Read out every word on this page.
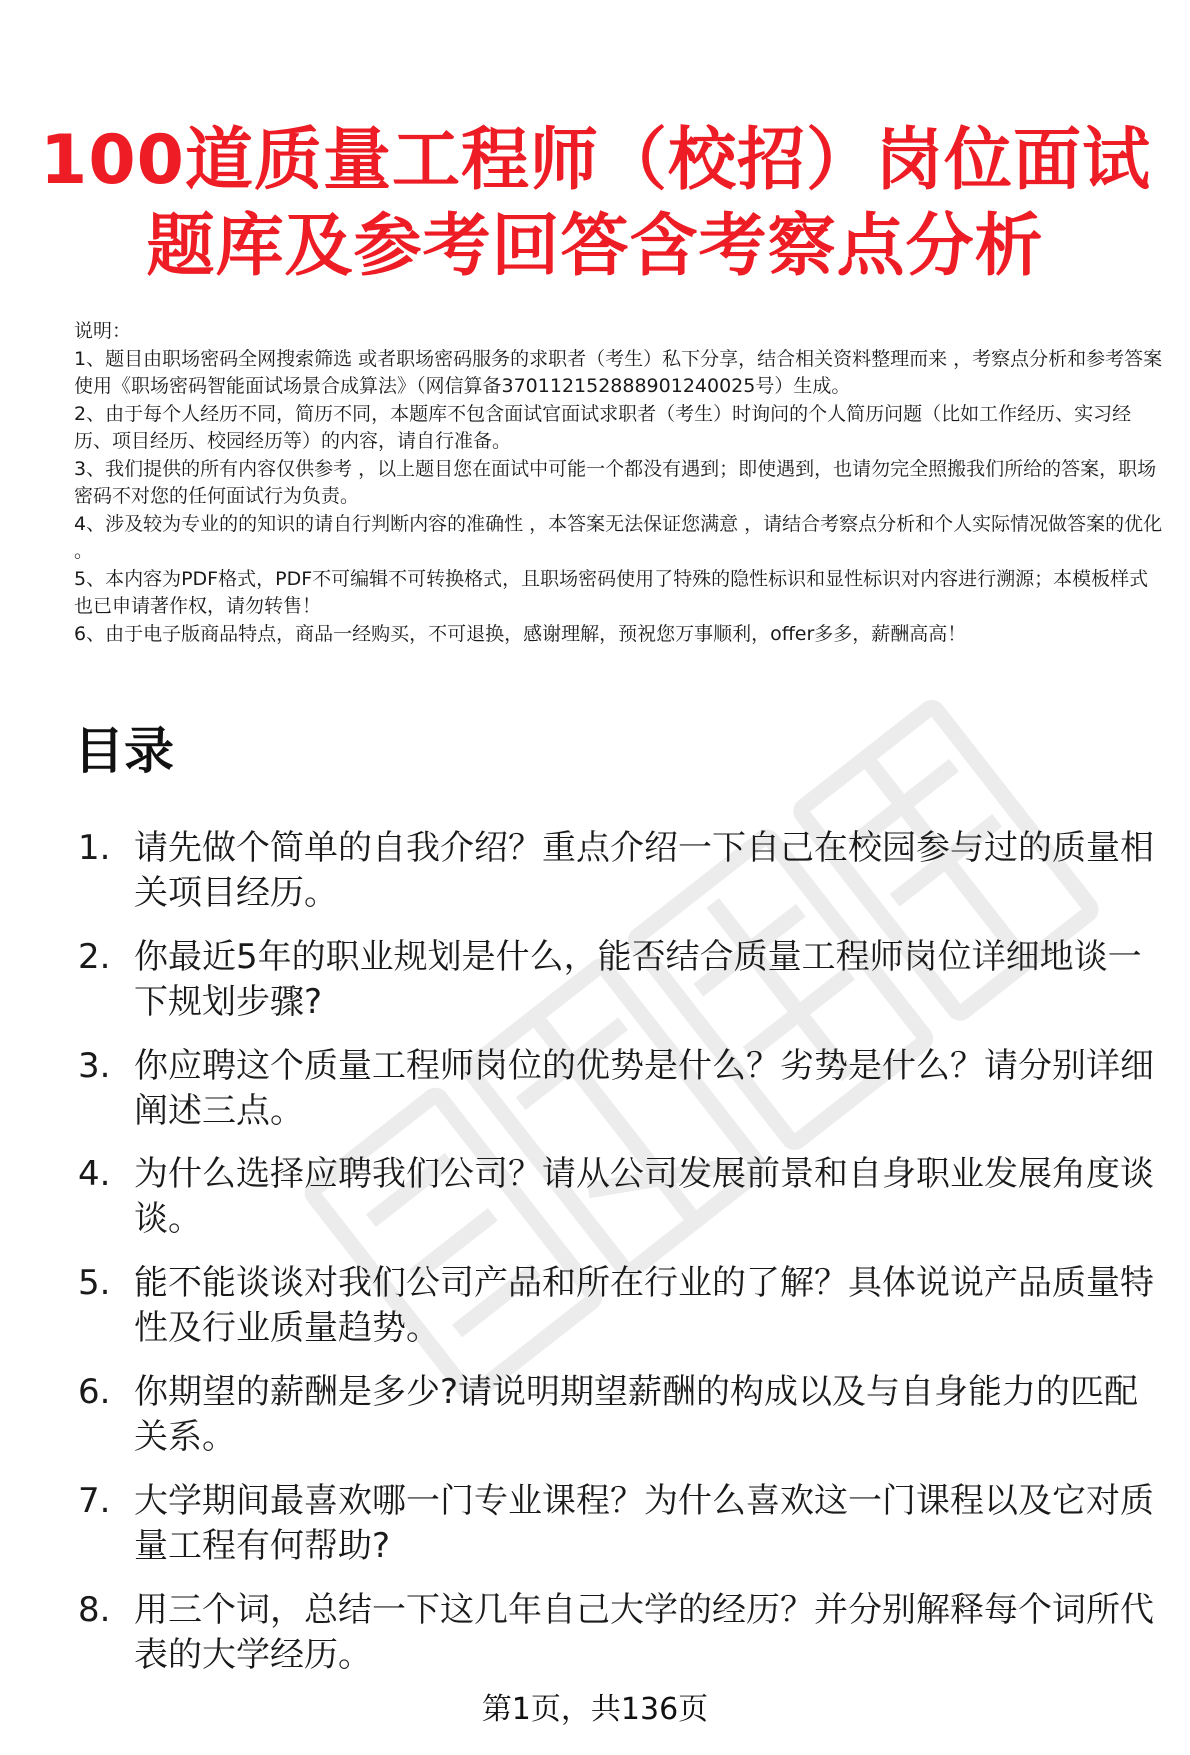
100道质量工程师（校招）岗位面试
题库及参考回答含考察点分析

说明：

1、题目由职场密码全网搜索筛选 或者职场密码服务的求职者（考生）私下分享，结合相关资料整理而来 ，考察点分析和参考答案使用《职场密码智能面试场景合成算法》（网信算备370112152888901240025号）生成。

2、由于每个人经历不同，简历不同，本题库不包含面试官面试求职者（考生）时询问的个人简历问题（比如工作经历、实习经历、项目经历、校园经历等）的内容，请自行准备。

3、我们提供的所有内容仅供参考 ，以上题目您在面试中可能一个都没有遇到；即使遇到，也请勿完全照搬我们所给的答案，职场密码不对您的任何面试行为负责。

4、涉及较为专业的的知识的请自行判断内容的准确性 ，本答案无法保证您满意 ，请结合考察点分析和个人实际情况做答案的优化 。

5、本内容为PDF格式，PDF不可编辑不可转换格式，且职场密码使用了特殊的隐性标识和显性标识对内容进行溯源；本模板样式也已申请著作权，请勿转售！

6、由于电子版商品特点，商品一经购买，不可退换，感谢理解，预祝您万事顺利，offer多多，薪酬高高！

目录
1. 请先做个简单的自我介绍？重点介绍一下自己在校园参与过的质量相关项目经历。
2. 你最近5年的职业规划是什么，能否结合质量工程师岗位详细地谈一下规划步骤?
3. 你应聘这个质量工程师岗位的优势是什么？劣势是什么？请分别详细阐述三点。
4. 为什么选择应聘我们公司？请从公司发展前景和自身职业发展角度谈谈。
5. 能不能谈谈对我们公司产品和所在行业的了解？具体说说产品质量特性及行业质量趋势。
6. 你期望的薪酬是多少?请说明期望薪酬的构成以及与自身能力的匹配关系。
7. 大学期间最喜欢哪一门专业课程？为什么喜欢这一门课程以及它对质量工程有何帮助?
8. 用三个词，总结一下这几年自己大学的经历？并分别解释每个词所代表的大学经历。
第1页，共136页
